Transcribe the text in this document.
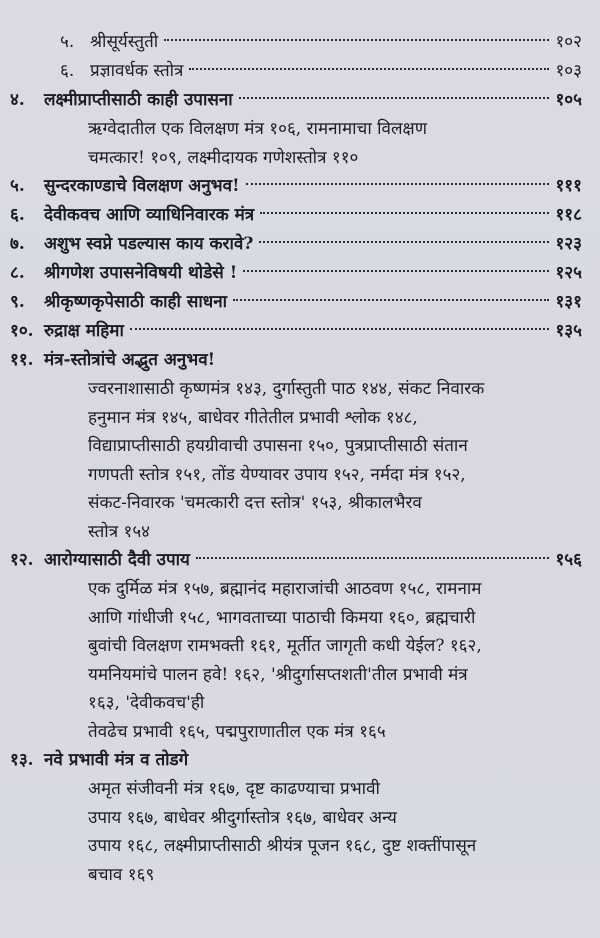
५. श्रीसूर्यस्तुती	१०२
६. प्रज्ञावर्धक स्तोत्र	१०३
४.	लक्ष्मीप्राप्तीसाठी काही उपासना	१०५
ऋग्वेदातील एक विलक्षण मंत्र १०६, रामनामाचा विलक्षण
चमत्कार! १०९, लक्ष्मीदायक गणेशस्तोत्र ११०
५.	सुन्दरकाण्डाचे विलक्षण अनुभव!	१११
६.	देवीकवच आणि व्याधिनिवारक मंत्र	११८
७.	अशुभ स्वप्ने पडल्यास काय करावे?	१२३
८.	श्रीगणेश उपासनेविषयी थोडेसे !	१२५
९.	श्रीकृष्णकृपेसाठी काही साधना	१३१
१०. रुद्राक्ष महिमा	१३५
११. मंत्र-स्तोत्रांचे अद्भुत अनुभव!
ज्वरनाशासाठी कृष्णमंत्र १४३, दुर्गास्तुती पाठ १४४, संकट निवारक
हनुमान मंत्र १४५, बाधेवर गीतेतील प्रभावी श्लोक १४८,
विद्याप्राप्तीसाठी हयग्रीवाची उपासना १५०, पुत्रप्राप्तीसाठी संतान
गणपती स्तोत्र १५१, तोंड येण्यावर उपाय १५२, नर्मदा मंत्र १५२,
संकट-निवारक 'चमत्कारी दत्त स्तोत्र' १५३, श्रीकालभैरव
स्तोत्र १५४
१२. आरोग्यासाठी दैवी उपाय	१५६
एक दुर्मिळ मंत्र १५७, ब्रह्मानंद महाराजांची आठवण १५८, रामनाम
आणि गांधीजी १५८, भागवताच्या पाठाची किमया १६०, ब्रह्मचारी
बुवांची विलक्षण रामभक्ती १६१, मूर्तीत जागृती कधी येईल? १६२,
यमनियमांचे पालन हवे! १६२, 'श्रीदुर्गासप्तशती'तील प्रभावी मंत्र
१६३, 'देवीकवच'ही
तेवढेच प्रभावी १६५, पद्मपुराणातील एक मंत्र १६५
१३. नवे प्रभावी मंत्र व तोडगे
अमृत संजीवनी मंत्र १६७, दृष्ट काढण्याचा प्रभावी
उपाय १६७, बाधेवर श्रीदुर्गास्तोत्र १६७, बाधेवर अन्य
उपाय १६८, लक्ष्मीप्राप्तीसाठी श्रीयंत्र पूजन १६८, दुष्ट शक्तींपासून
बचाव १६९
